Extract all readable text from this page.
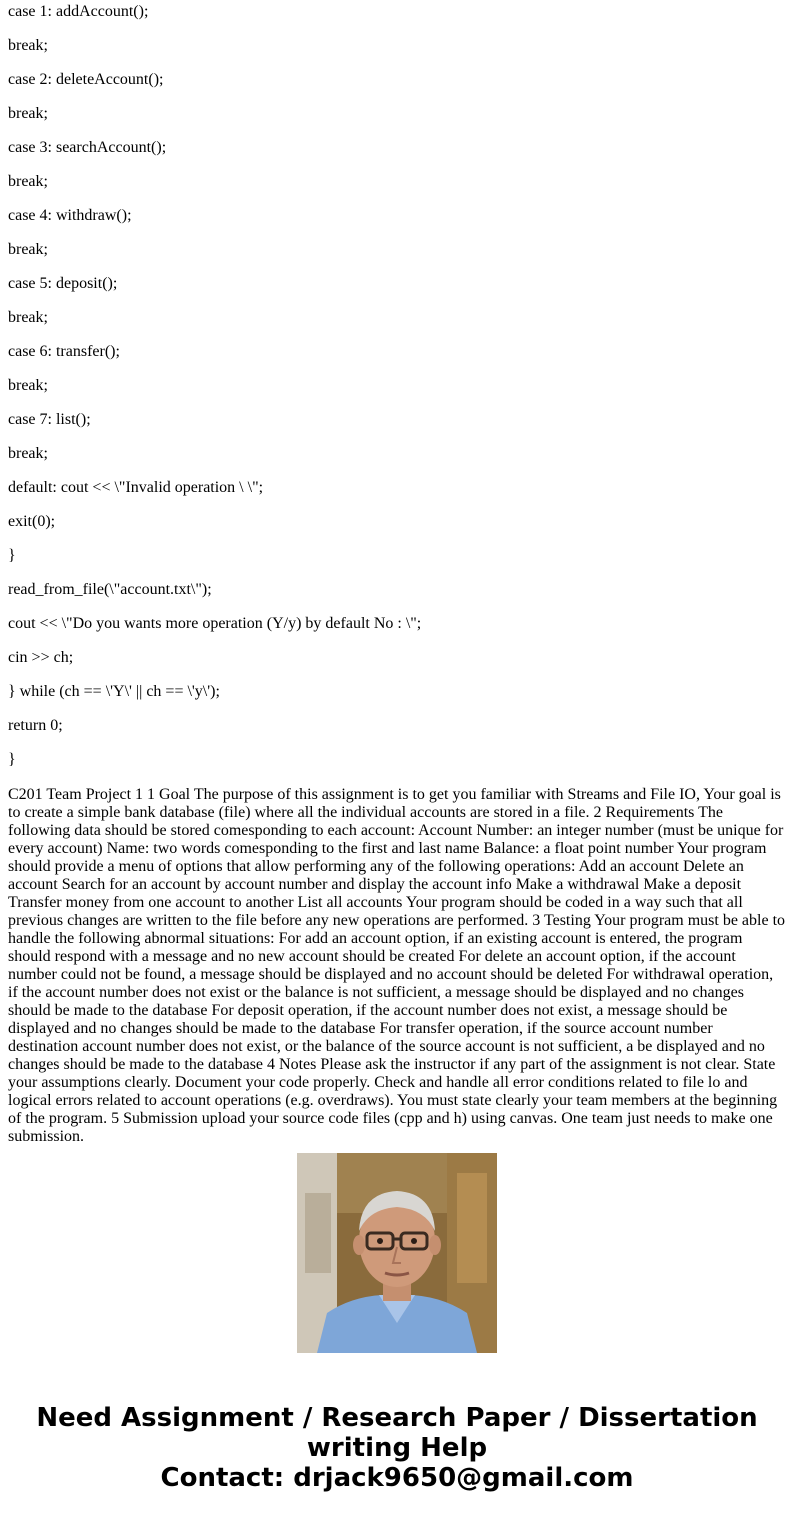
case 1: addAccount();

break;

case 2: deleteAccount();

break;

case 3: searchAccount();

break;

case 4: withdraw();

break;

case 5: deposit();

break;

case 6: transfer();

break;

case 7: list();

break;

default: cout << \"Invalid operation \ \";

exit(0);

}

read_from_file(\"account.txt\");

cout << \"Do you wants more operation (Y/y) by default No : \";

cin >> ch;

} while (ch == \'Y\' || ch == \'y\');

return 0;

}

C201 Team Project 1 1 Goal The purpose of this assignment is to get you familiar with Streams and File IO, Your goal is to create a simple bank database (file) where all the individual accounts are stored in a file. 2 Requirements The following data should be stored comesponding to each account: Account Number: an integer number (must be unique for every account) Name: two words comesponding to the first and last name Balance: a float point number Your program should provide a menu of options that allow performing any of the following operations: Add an account Delete an account Search for an account by account number and display the account info Make a withdrawal Make a deposit Transfer money from one account to another List all accounts Your program should be coded in a way such that all previous changes are written to the file before any new operations are performed. 3 Testing Your program must be able to handle the following abnormal situations: For add an account option, if an existing account is entered, the program should respond with a message and no new account should be created For delete an account option, if the account number could not be found, a message should be displayed and no account should be deleted For withdrawal operation, if the account number does not exist or the balance is not sufficient, a message should be displayed and no changes should be made to the database For deposit operation, if the account number does not exist, a message should be displayed and no changes should be made to the database For transfer operation, if the source account number destination account number does not exist, or the balance of the source account is not sufficient, a be displayed and no changes should be made to the database 4 Notes Please ask the instructor if any part of the assignment is not clear. State your assumptions clearly. Document your code properly. Check and handle all error conditions related to file lo and logical errors related to account operations (e.g. overdraws). You must state clearly your team members at the beginning of the program. 5 Submission upload your source code files (cpp and h) using canvas. One team just needs to make one submission.

Need Assignment / Research Paper / Dissertation
writing Help
Contact: drjack9650@gmail.com
